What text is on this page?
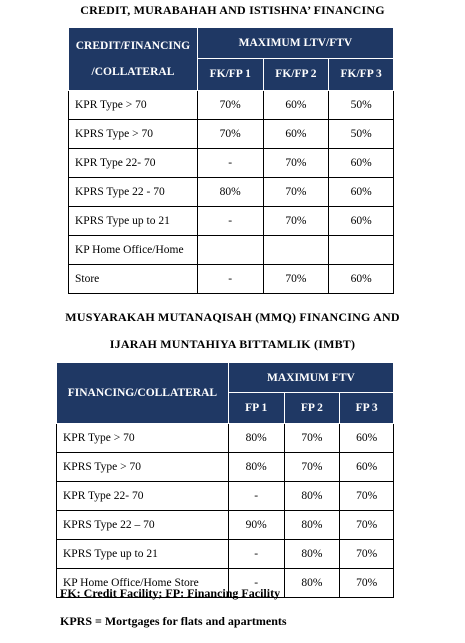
CREDIT, MURABAHAH AND ISTISHNA’ FINANCING
CREDIT/FINANCING
/COLLATERAL	MAXIMUM LTV/FTV		
	FK/FP 1	FK/FP 2	FK/FP 3
KPR Type > 70	70%	60%	50%
KPRS Type > 70	70%	60%	50%
KPR Type 22- 70	-	70%	60%
KPRS Type 22 - 70	80%	70%	60%
KPRS Type up to 21	-	70%	60%
KP Home Office/Home			
Store	-	70%	60%
MUSYARAKAH MUTANAQISAH (MMQ) FINANCING AND
IJARAH MUNTAHIYA BITTAMLIK (IMBT)
FINANCING/COLLATERAL	MAXIMUM FTV		
	FP 1	FP 2	FP 3
KPR Type > 70	80%	70%	60%
KPRS Type > 70	80%	70%	60%
KPR Type 22- 70	-	80%	70%
KPRS Type 22 – 70	90%	80%	70%
KPRS Type up to 21	-	80%	70%
KP Home Office/Home Store	-	80%	70%
FK: Credit Facility; FP: Financing Facility
KPRS = Mortgages for flats and apartments
